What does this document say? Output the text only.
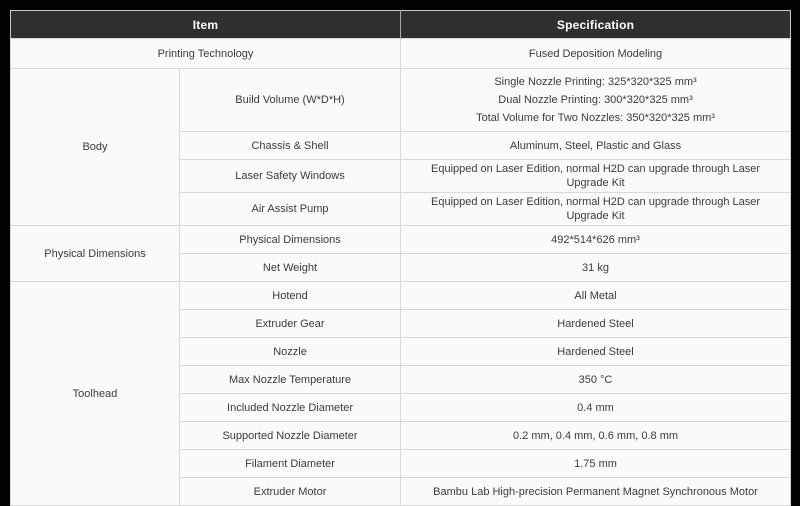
Item		Specification
Printing Technology		Fused Deposition Modeling
Body	Build Volume (W*D*H)	Single Nozzle Printing: 325*320*325 mm³
Dual Nozzle Printing: 300*320*325 mm³
Total Volume for Two Nozzles: 350*320*325 mm³

	Chassis & Shell	Aluminum, Steel, Plastic and Glass
	Laser Safety Windows	Equipped on Laser Edition, normal H2D can upgrade through Laser Upgrade Kit
	Air Assist Pump	Equipped on Laser Edition, normal H2D can upgrade through Laser Upgrade Kit
Physical Dimensions	Physical Dimensions	492*514*626 mm³
	Net Weight	31 kg
Toolhead	Hotend	All Metal
	Extruder Gear	Hardened Steel
	Nozzle	Hardened Steel
	Max Nozzle Temperature	350 °C
	Included Nozzle Diameter	0.4 mm
	Supported Nozzle Diameter	0.2 mm, 0.4 mm, 0.6 mm, 0.8 mm
	Filament Diameter	1.75 mm
	Extruder Motor	Bambu Lab High-precision Permanent Magnet Synchronous Motor
